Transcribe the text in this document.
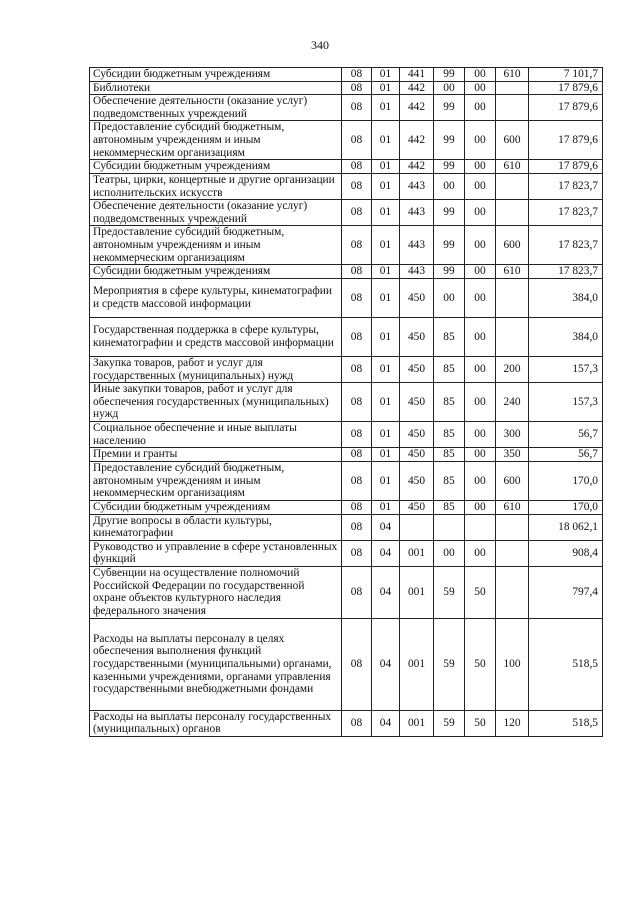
340
Субсидии бюджетным учреждениям	08	01	441	99	00	610	7 101,7
Библиотеки	08	01	442	00	00		17 879,6
Обеспечение деятельности (оказание услуг) подведомственных учреждений	08	01	442	99	00		17 879,6
Предоставление субсидий бюджетным, автономным учреждениям и иным некоммерческим организациям	08	01	442	99	00	600	17 879,6
Субсидии бюджетным учреждениям	08	01	442	99	00	610	17 879,6
Театры, цирки, концертные и другие организации исполнительских искусств	08	01	443	00	00		17 823,7
Обеспечение деятельности (оказание услуг) подведомственных учреждений	08	01	443	99	00		17 823,7
Предоставление субсидий бюджетным, автономным учреждениям и иным некоммерческим организациям	08	01	443	99	00	600	17 823,7
Субсидии бюджетным учреждениям	08	01	443	99	00	610	17 823,7
Мероприятия в сфере культуры, кинематографии и средств массовой информации	08	01	450	00	00		384,0
Государственная поддержка в сфере культуры, кинематографии и средств массовой информации	08	01	450	85	00		384,0
Закупка товаров, работ и услуг для государственных (муниципальных) нужд	08	01	450	85	00	200	157,3
Иные закупки товаров, работ и услуг для обеспечения государственных (муниципальных) нужд	08	01	450	85	00	240	157,3
Социальное обеспечение и иные выплаты населению	08	01	450	85	00	300	56,7
Премии и гранты	08	01	450	85	00	350	56,7
Предоставление субсидий бюджетным, автономным учреждениям и иным некоммерческим организациям	08	01	450	85	00	600	170,0
Субсидии бюджетным учреждениям	08	01	450	85	00	610	170,0
Другие вопросы в области культуры, кинематографии	08	04					18 062,1
Руководство и управление в сфере установленных функций	08	04	001	00	00		908,4
Субвенции на осуществление полномочий Российской Федерации по государственной охране объектов культурного наследия федерального значения	08	04	001	59	50		797,4
Расходы на выплаты персоналу в целях обеспечения выполнения функций государственными (муниципальными) органами, казенными учреждениями, органами управления государственными внебюджетными фондами	08	04	001	59	50	100	518,5
Расходы на выплаты персоналу государственных (муниципальных) органов	08	04	001	59	50	120	518,5
